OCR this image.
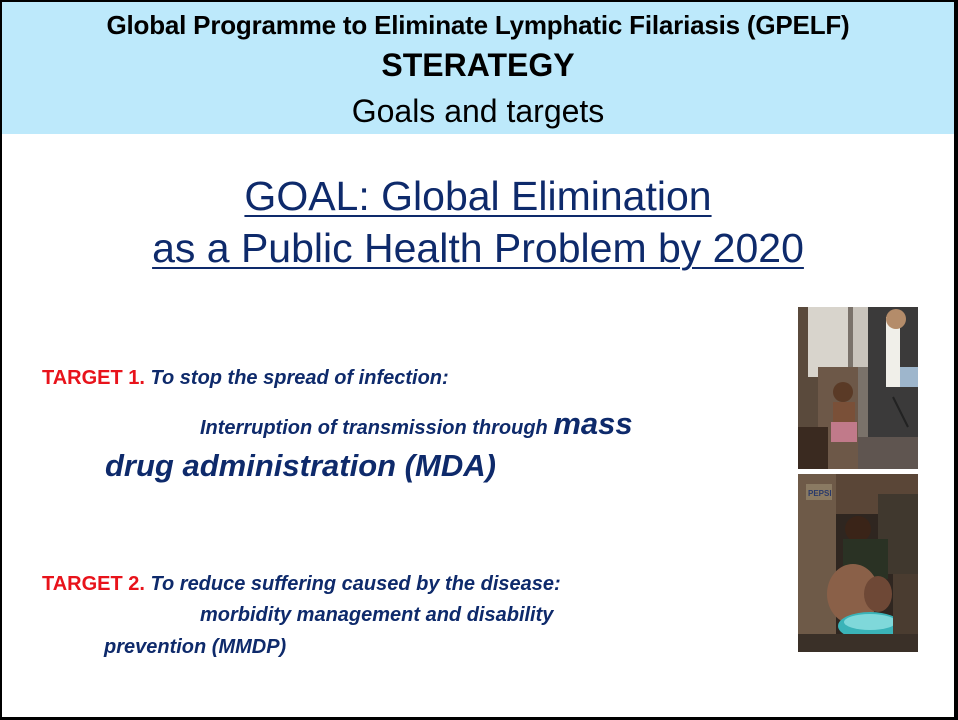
Global Programme to Eliminate Lymphatic Filariasis (GPELF)
STERATEGY
Goals and targets
GOAL: Global Elimination
as a Public Health Problem by 2020
TARGET 1. To stop the spread of infection:
Interruption of transmission through mass
drug administration (MDA)
TARGET 2. To reduce suffering caused by the disease:
morbidity management and disability
prevention (MMDP)
PEPSI
